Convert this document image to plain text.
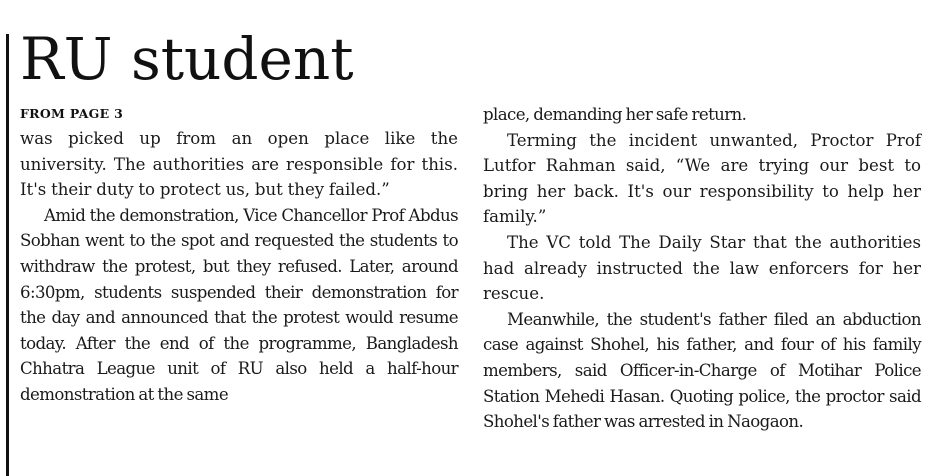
RU student
FROM PAGE 3

was picked up from an open place like the university. The authorities are responsible for this. It's their duty to protect us, but they failed.”

Amid the demonstration, Vice Chancellor Prof Abdus Sobhan went to the spot and requested the students to withdraw the protest, but they refused. Later, around 6:30pm, students suspended their demonstration for the day and announced that the protest would resume today. After the end of the programme, Bangladesh Chhatra League unit of RU also held a half-hour demonstration at the same

place, demanding her safe return.

Terming the incident unwanted, Proctor Prof Lutfor Rahman said, “We are trying our best to bring her back. It's our responsibility to help her family.”

The VC told The Daily Star that the authorities had already instructed the law enforcers for her rescue.

Meanwhile, the student's father filed an abduction case against Shohel, his father, and four of his family members, said Officer-in-Charge of Motihar Police Station Mehedi Hasan. Quoting police, the proctor said Shohel's father was arrested in Naogaon.
